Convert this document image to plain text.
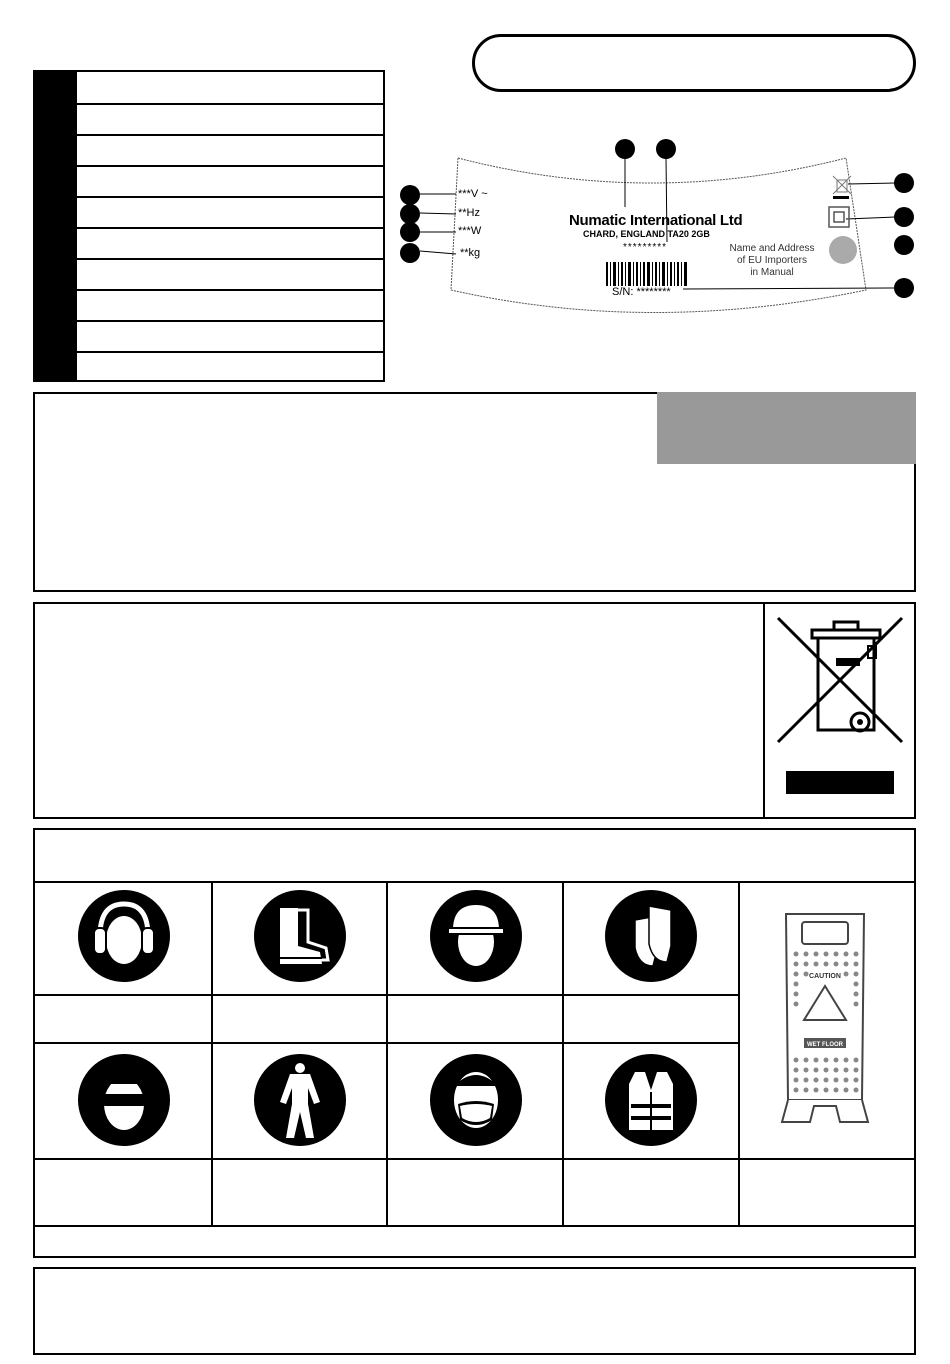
***V ~
**Hz
***W
**kg
Numatic International Ltd
CHARD, ENGLAND TA20 2GB
*********
S/N: ********
Name and Address
of EU Importers
in Manual
CAUTION
WET FLOOR
